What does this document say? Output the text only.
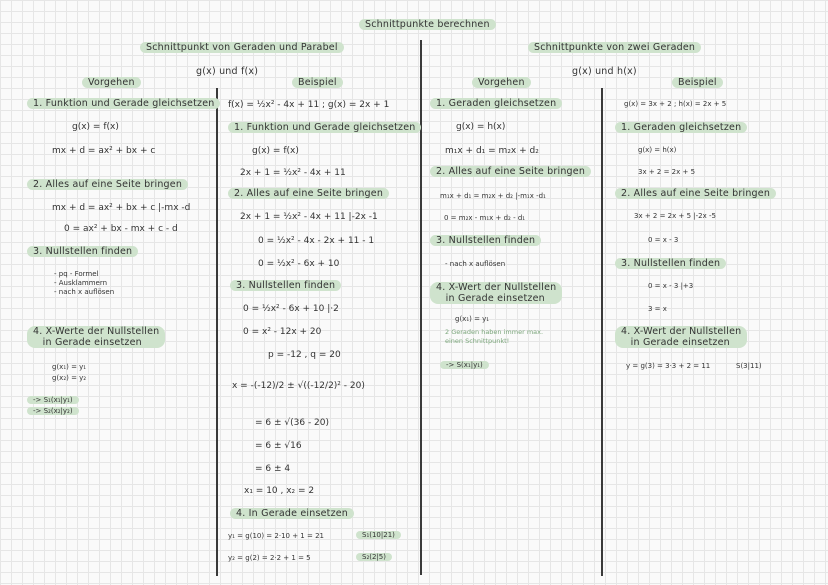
Schnittpunkte berechnen
Schnittpunkt von Geraden und Parabel
g(x) und f(x)
Vorgehen	Beispiel
1. Funktion und Gerade gleichsetzen
g(x) = f(x)
mx + d = ax² + bx + c
2. Alles auf eine Seite bringen
mx + d = ax² + bx + c |-mx -d
0 = ax² + bx - mx + c - d
3. Nullstellen finden
- pq - Formel
- Ausklammern
- nach x auflösen
4. X-Werte der Nullstellen
in Gerade einsetzen
g(x₁) = y₁
g(x₂) = y₂
-> S₁(x₁|y₁)
-> S₂(x₂|y₂)
f(x) = ½x² - 4x + 11 ; g(x) = 2x + 1
1. Funktion und Gerade gleichsetzen
g(x) = f(x)
2x + 1 = ½x² - 4x + 11
2. Alles auf eine Seite bringen
2x + 1 = ½x² - 4x + 11 |-2x -1
0 = ½x² - 4x - 2x + 11 - 1
0 = ½x² - 6x + 10
3. Nullstellen finden
0 = ½x² - 6x + 10 |·2
0 = x² - 12x + 20
p = -12 , q = 20
x = -(-12)/2 ± √((-12/2)² - 20)
= 6 ± √(36 - 20)
= 6 ± √16
= 6 ± 4
x₁ = 10 , x₂ = 2
4. In Gerade einsetzen
y₁ = g(10) = 2·10 + 1 = 21	S₁(10|21)
y₂ = g(2) = 2·2 + 1 = 5	S₂(2|5)
Schnittpunkte von zwei Geraden
g(x) und h(x)
Vorgehen	Beispiel
1. Geraden gleichsetzen
g(x) = h(x)
m₁x + d₁ = m₂x + d₂
2. Alles auf eine Seite bringen
m₁x + d₁ = m₂x + d₂ |-m₁x -d₁
0 = m₂x - m₁x + d₂ - d₁
3. Nullstellen finden
- nach x auflösen
4. X-Wert der Nullstellen
in Gerade einsetzen
g(x₁) = y₁
2 Geraden haben immer max.
einen Schnittpunkt!
-> S(x₁|y₁)
g(x) = 3x + 2 ; h(x) = 2x + 5
1. Geraden gleichsetzen
g(x) = h(x)
3x + 2 = 2x + 5
2. Alles auf eine Seite bringen
3x + 2 = 2x + 5 |-2x -5
0 = x - 3
3. Nullstellen finden
0 = x - 3 |+3
3 = x
4. X-Wert der Nullstellen
in Gerade einsetzen
y = g(3) = 3·3 + 2 = 11	S(3|11)
